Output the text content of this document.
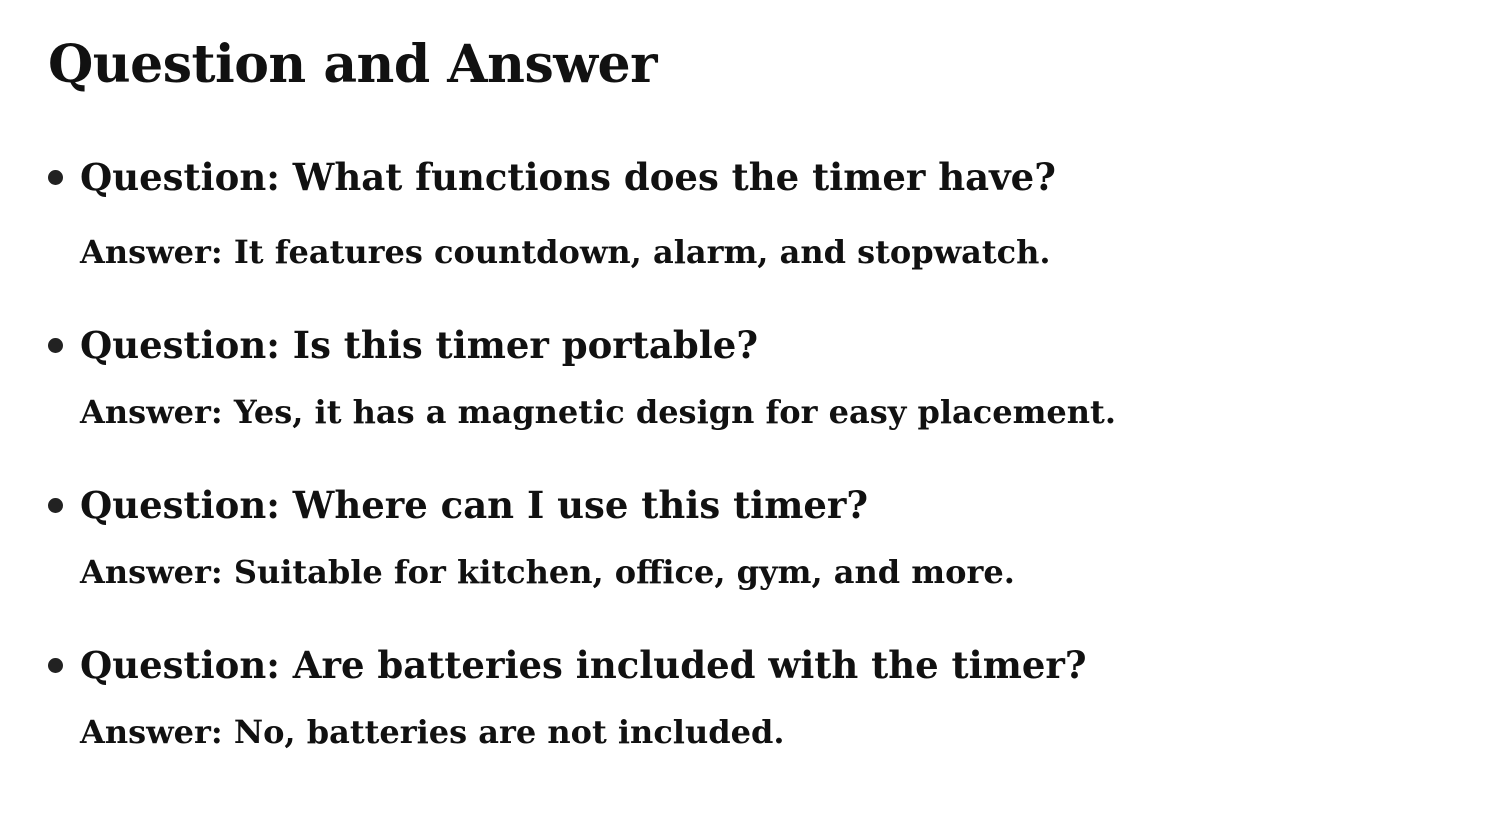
Question and Answer
Question: What functions does the timer have?
Answer: It features countdown, alarm, and stopwatch.
Question: Is this timer portable?
Answer: Yes, it has a magnetic design for easy placement.
Question: Where can I use this timer?
Answer: Suitable for kitchen, office, gym, and more.
Question: Are batteries included with the timer?
Answer: No, batteries are not included.
